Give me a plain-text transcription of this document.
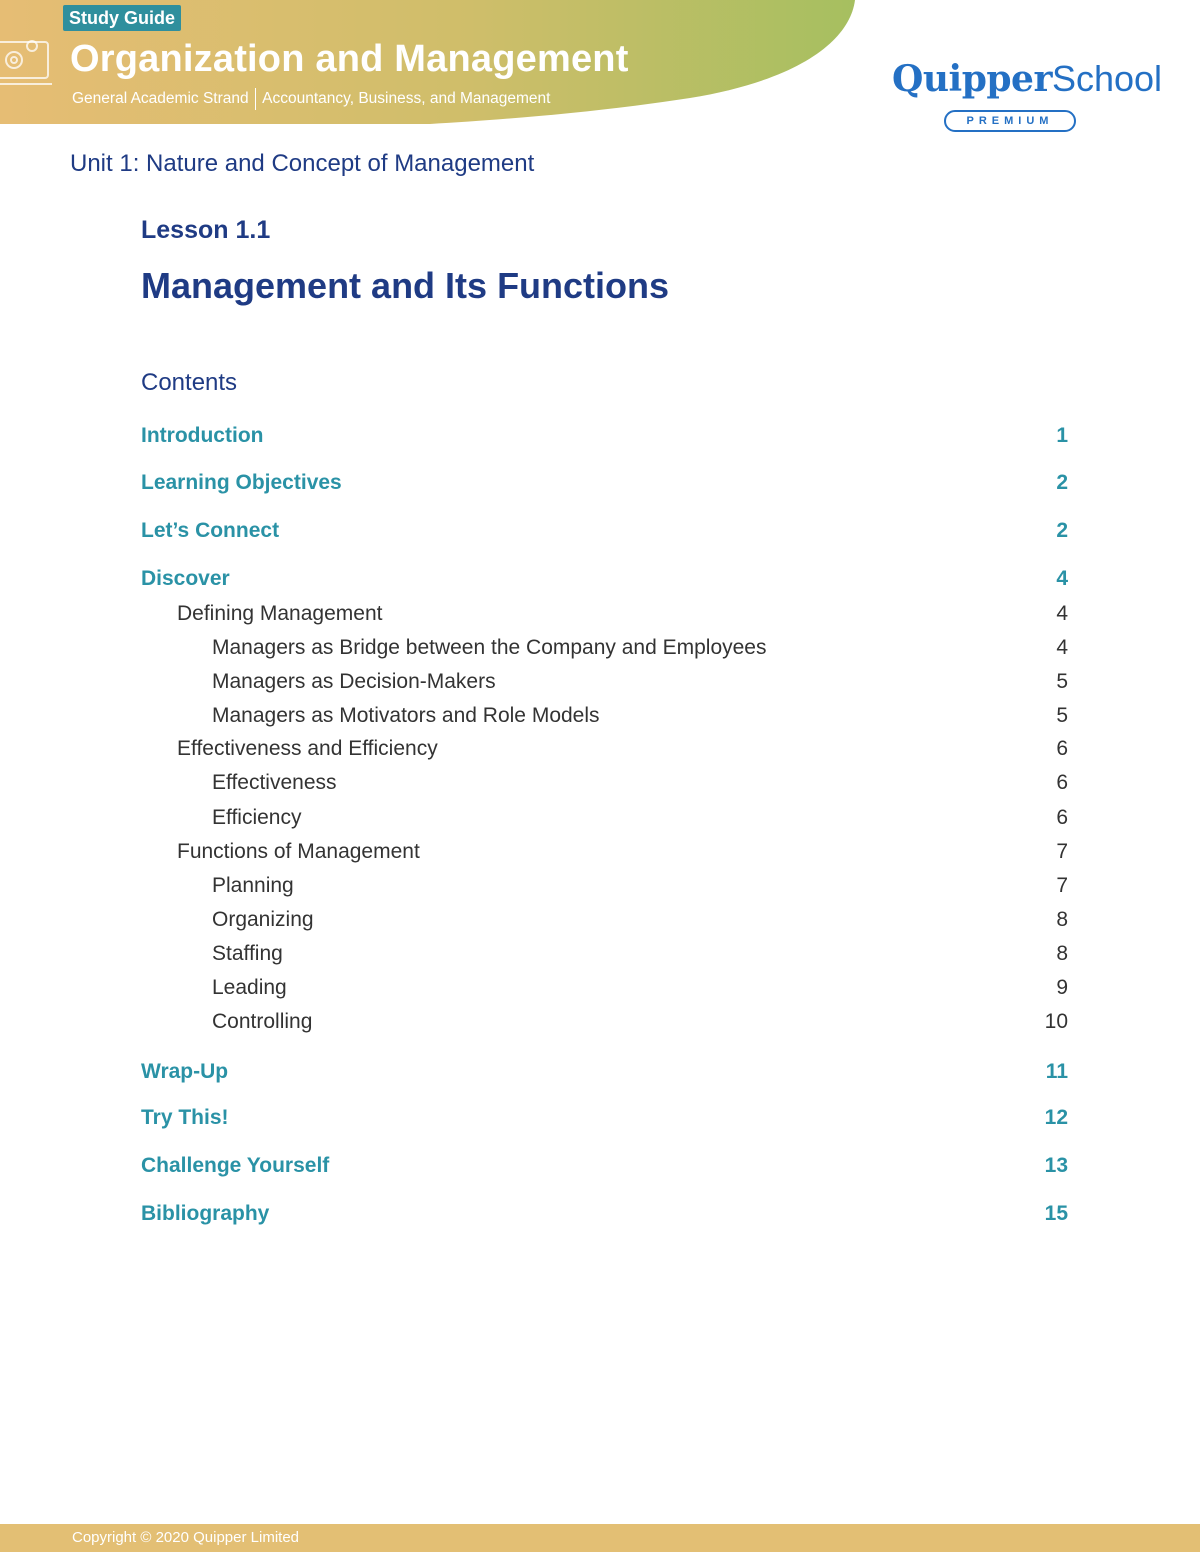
Study Guide
Organization and Management
General Academic Strand Accountancy, Business, and Management	QuipperSchool
PREMIUM
Unit 1: Nature and Concept of Management
Lesson 1.1
Management and Its Functions
Contents
Introduction	1
Learning Objectives	2
Let’s Connect	2
Discover	4
Defining Management	4
Managers as Bridge between the Company and Employees	4
Managers as Decision-Makers	5
Managers as Motivators and Role Models	5
Effectiveness and Efficiency	6
Effectiveness	6
Efficiency	6
Functions of Management	7
Planning	7
Organizing	8
Staffing	8
Leading	9
Controlling	10
Wrap-Up	11
Try This!	12
Challenge Yourself	13
Bibliography	15
Copyright © 2020 Quipper Limited
